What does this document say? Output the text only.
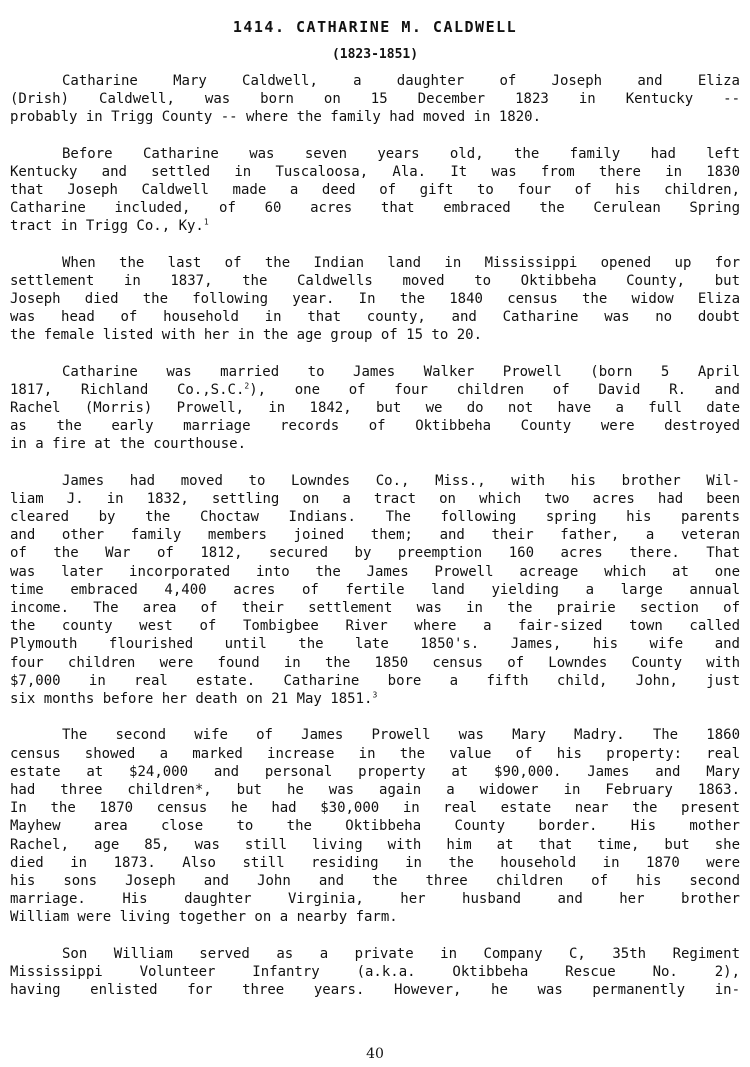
1414. CATHARINE M. CALDWELL
(1823-1851)
Catharine Mary Caldwell, a daughter of Joseph and Eliza
(Drish) Caldwell, was born on 15 December 1823 in Kentucky --
probably in Trigg County -- where the family had moved in 1820.
Before Catharine was seven years old, the family had left
Kentucky and settled in Tuscaloosa, Ala. It was from there in 1830
that Joseph Caldwell made a deed of gift to four of his children,
Catharine included, of 60 acres that embraced the Cerulean Spring
tract in Trigg Co., Ky.$^1$
When the last of the Indian land in Mississippi opened up for
settlement in 1837, the Caldwells moved to Oktibbeha County, but
Joseph died the following year. In the 1840 census the widow Eliza
was head of household in that county, and Catharine was no doubt
the female listed with her in the age group of 15 to 20.
Catharine was married to James Walker Prowell (born 5 April
1817, Richland Co.,S.C.$^2$), one of four children of David R. and
Rachel (Morris) Prowell, in 1842, but we do not have a full date
as the early marriage records of Oktibbeha County were destroyed
in a fire at the courthouse.
James had moved to Lowndes Co., Miss., with his brother Wil-
liam J. in 1832, settling on a tract on which two acres had been
cleared by the Choctaw Indians. The following spring his parents
and other family members joined them; and their father, a veteran
of the War of 1812, secured by preemption 160 acres there. That
was later incorporated into the James Prowell acreage which at one
time embraced 4,400 acres of fertile land yielding a large annual
income. The area of their settlement was in the prairie section of
the county west of Tombigbee River where a fair-sized town called
Plymouth flourished until the late 1850's. James, his wife and
four children were found in the 1850 census of Lowndes County with
$7,000 in real estate. Catharine bore a fifth child, John, just
six months before her death on 21 May 1851.$^3$
The second wife of James Prowell was Mary Madry. The 1860
census showed a marked increase in the value of his property: real
estate at $24,000 and personal property at $90,000. James and Mary
had three children*, but he was again a widower in February 1863.
In the 1870 census he had $30,000 in real estate near the present
Mayhew area close to the Oktibbeha County border. His mother
Rachel, age 85, was still living with him at that time, but she
died in 1873. Also still residing in the household in 1870 were
his sons Joseph and John and the three children of his second
marriage. His daughter Virginia, her husband and her brother
William were living together on a nearby farm.
Son William served as a private in Company C, 35th Regiment
Mississippi Volunteer Infantry (a.k.a. Oktibbeha Rescue No. 2),
having enlisted for three years. However, he was permanently in-
40
